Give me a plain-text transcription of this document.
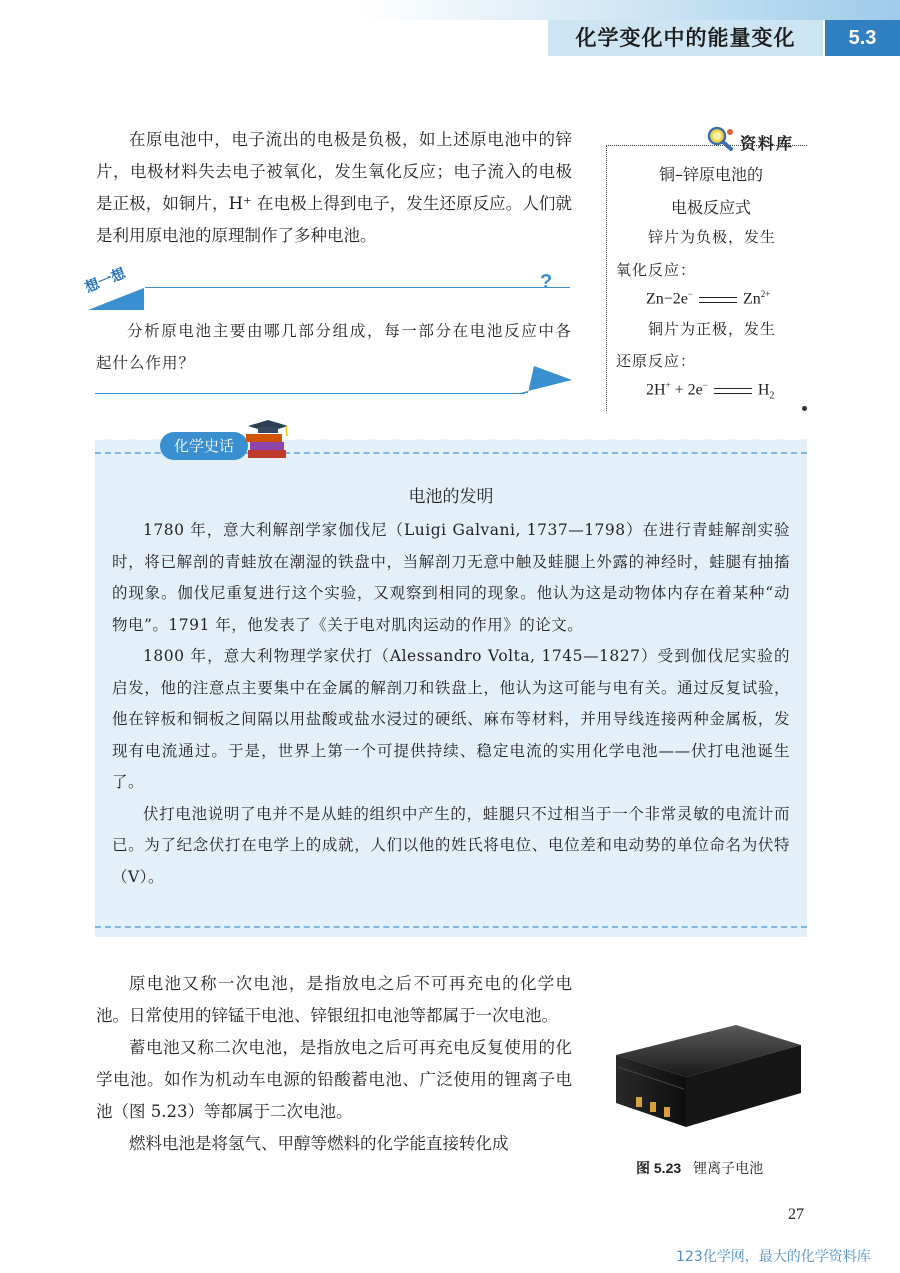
化学变化中的能量变化	5.3

在原电池中，电子流出的电极是负极，如上述原电池中的锌片，电极材料失去电子被氧化，发生氧化反应；电子流入的电极是正极，如铜片，H⁺ 在电极上得到电子，发生还原反应。人们就是利用原电池的原理制作了多种电池。

资料库
铜–锌原电池的
电极反应式
锌片为负极，发生
氧化反应：
Zn−2e−	$Zn^{2+}$
铜片为正极，发生
还原反应：
2H+ + 2e−	$H_2$
想一想	?

分析原电池主要由哪几部分组成，每一部分在电池反应中各起什么作用？

化学史话
电池的发明

1780 年，意大利解剖学家伽伐尼（Luigi Galvani, 1737—1798）在进行青蛙解剖实验时，将已解剖的青蛙放在潮湿的铁盘中，当解剖刀无意中触及蛙腿上外露的神经时，蛙腿有抽搐的现象。伽伐尼重复进行这个实验，又观察到相同的现象。他认为这是动物体内存在着某种“动物电”。1791 年，他发表了《关于电对肌肉运动的作用》的论文。

1800 年，意大利物理学家伏打（Alessandro Volta, 1745—1827）受到伽伐尼实验的启发，他的注意点主要集中在金属的解剖刀和铁盘上，他认为这可能与电有关。通过反复试验，他在锌板和铜板之间隔以用盐酸或盐水浸过的硬纸、麻布等材料，并用导线连接两种金属板，发现有电流通过。于是，世界上第一个可提供持续、稳定电流的实用化学电池——伏打电池诞生了。

伏打电池说明了电并不是从蛙的组织中产生的，蛙腿只不过相当于一个非常灵敏的电流计而已。为了纪念伏打在电学上的成就，人们以他的姓氏将电位、电位差和电动势的单位命名为伏特（V）。

原电池又称一次电池，是指放电之后不可再充电的化学电池。日常使用的锌锰干电池、锌银纽扣电池等都属于一次电池。

蓄电池又称二次电池，是指放电之后可再充电反复使用的化学电池。如作为机动车电源的铅酸蓄电池、广泛使用的锂离子电池（图 5.23）等都属于二次电池。

燃料电池是将氢气、甲醇等燃料的化学能直接转化成

图 5.23 锂离子电池
27
123化学网，最大的化学资料库
